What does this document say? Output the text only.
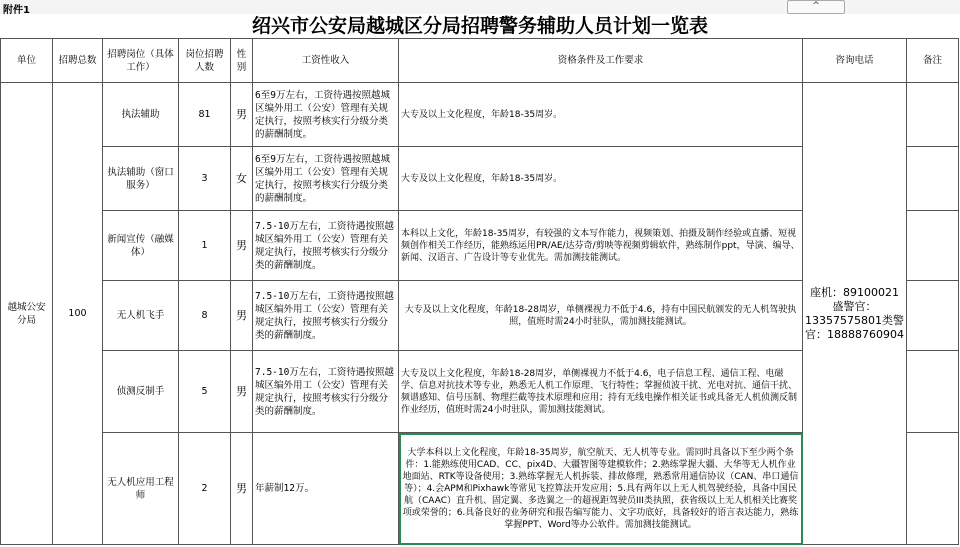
附件1	^
绍兴市公安局越城区分局招聘警务辅助人员计划一览表
单位	招聘总数	招聘岗位（具体工作）	岗位招聘人数	性别	工资性收入	资格条件及工作要求	咨询电话	备注
越城公安分局	100	执法辅助	81	男	6至9万左右，工资待遇按照越城区编外用工（公安）管理有关规定执行，按照考核实行分级分类的薪酬制度。	大专及以上文化程度，年龄18-35周岁。	座机：89100021盛警官：13357575801类警官：18888760904	
		执法辅助（窗口服务）	3	女	6至9万左右，工资待遇按照越城区编外用工（公安）管理有关规定执行，按照考核实行分级分类的薪酬制度。	大专及以上文化程度，年龄18-35周岁。		
		新闻宣传（融媒体）	1	男	7.5-10万左右，工资待遇按照越城区编外用工（公安）管理有关规定执行，按照考核实行分级分类的薪酬制度。	本科以上文化，年龄18-35周岁，有较强的文本写作能力，视频策划、拍摄及制作经验或直播、短视频创作相关工作经历，能熟练运用PR/AE/达芬奇/剪映等视频剪辑软件，熟练制作ppt，导演、编导、新闻、汉语言、广告设计等专业优先。需加测技能测试。		
		无人机飞手	8	男	7.5-10万左右，工资待遇按照越城区编外用工（公安）管理有关规定执行，按照考核实行分级分类的薪酬制度。	大专及以上文化程度，年龄18-28周岁，单侧裸视力不低于4.6，持有中国民航颁发的无人机驾驶执照，值班时需24小时驻队，需加测技能测试。		
		侦测反制手	5	男	7.5-10万左右，工资待遇按照越城区编外用工（公安）管理有关规定执行，按照考核实行分级分类的薪酬制度。	大专及以上文化程度，年龄18-28周岁，单侧裸视力不低于4.6，电子信息工程、通信工程、电磁学、信息对抗技术等专业，熟悉无人机工作原理、飞行特性；掌握侦波干扰、光电对抗、通信干扰、频谱感知、信号压制、物理拦截等技术原理和应用；持有无线电操作相关证书或具备无人机侦测反制作业经历，值班时需24小时驻队，需加测技能测试。		
		无人机应用工程师	2	男	年薪制12万。	大学本科以上文化程度，年龄18-35周岁，航空航天、无人机等专业。需同时具备以下至少两个条件：1.能熟练使用CAD、CC、pix4D、大疆智图等建模软件；2.熟练掌握大疆、大华等无人机作业地面站、RTK等设备使用；3.熟练掌握无人机拆装、排故修理，熟悉常用通信协议（CAN、串口通信等）；4.会APM和Pixhawk等常见飞控算法开发应用；5.具有两年以上无人机驾驶经验，具备中国民航（CAAC）直升机、固定翼、多选翼之一的超视距驾驶员III类执照，获省级以上无人机相关比赛奖项或荣誉的；6.具备良好的业务研究和报告编写能力、文字功底好，具备较好的语言表达能力，熟练掌握PPT、Word等办公软件。需加测技能测试。		
